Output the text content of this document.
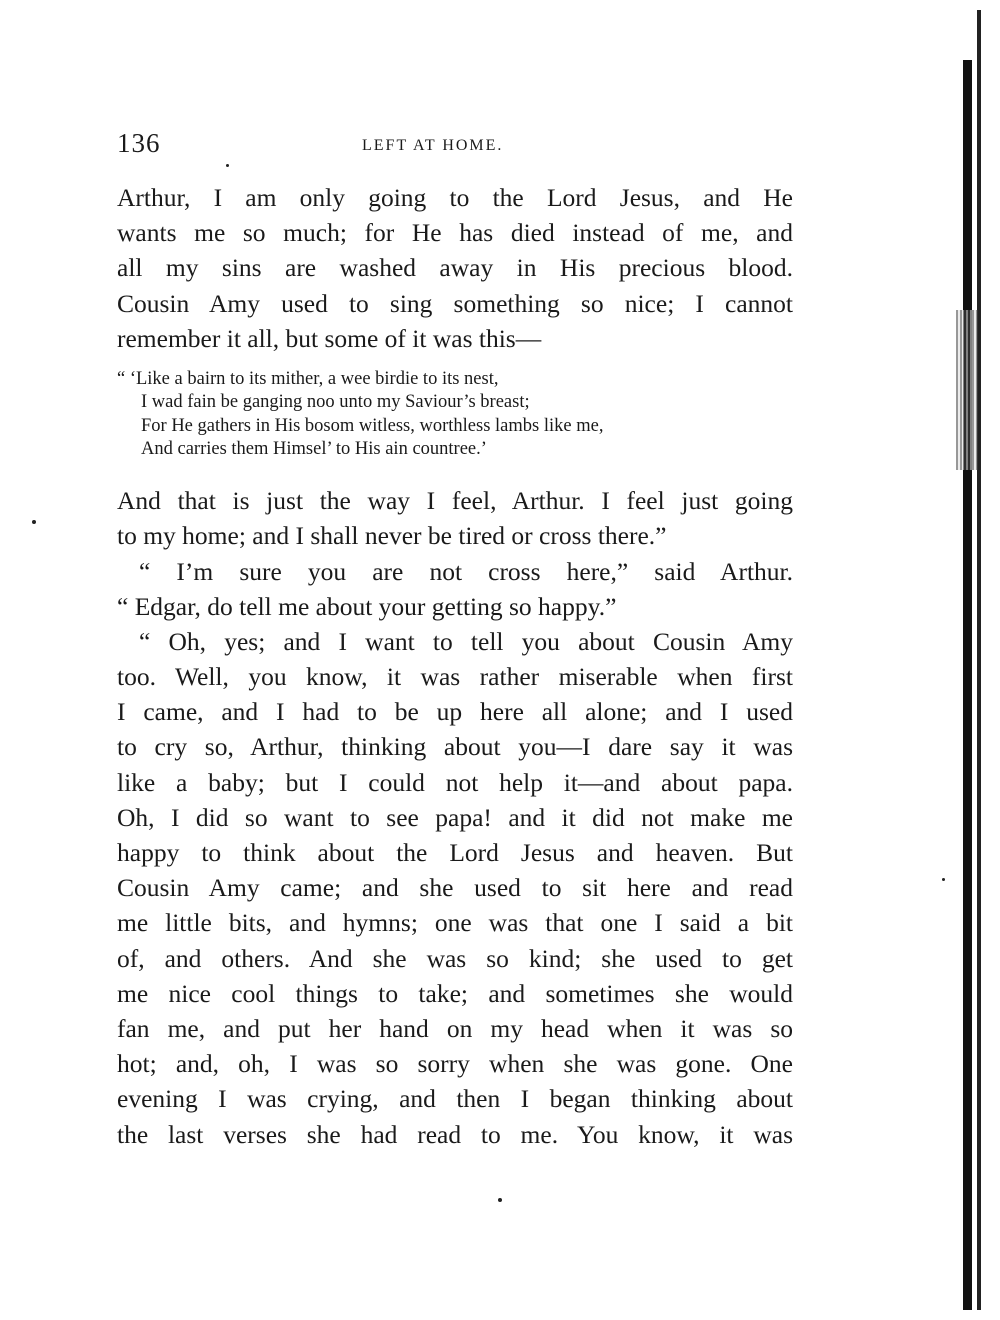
136	LEFT AT HOME.
Arthur, I am only going to the Lord Jesus, and He
wants me so much; for He has died instead of me, and
all my sins are washed away in His precious blood.
Cousin Amy used to sing something so nice; I cannot
remember it all, but some of it was this—
“ ‘Like a bairn to its mither, a wee birdie to its nest,
I wad fain be ganging noo unto my Saviour’s breast;
For He gathers in His bosom witless, worthless lambs like me,
And carries them Himsel’ to His ain countree.’
And that is just the way I feel, Arthur. I feel just going
to my home; and I shall never be tired or cross there.”
“ I’m sure you are not cross here,” said Arthur.
“ Edgar, do tell me about your getting so happy.”
“ Oh, yes; and I want to tell you about Cousin Amy
too. Well, you know, it was rather miserable when first
I came, and I had to be up here all alone; and I used
to cry so, Arthur, thinking about you—I dare say it was
like a baby; but I could not help it—and about papa.
Oh, I did so want to see papa! and it did not make me
happy to think about the Lord Jesus and heaven. But
Cousin Amy came; and she used to sit here and read
me little bits, and hymns; one was that one I said a bit
of, and others. And she was so kind; she used to get
me nice cool things to take; and sometimes she would
fan me, and put her hand on my head when it was so
hot; and, oh, I was so sorry when she was gone. One
evening I was crying, and then I began thinking about
the last verses she had read to me. You know, it was
